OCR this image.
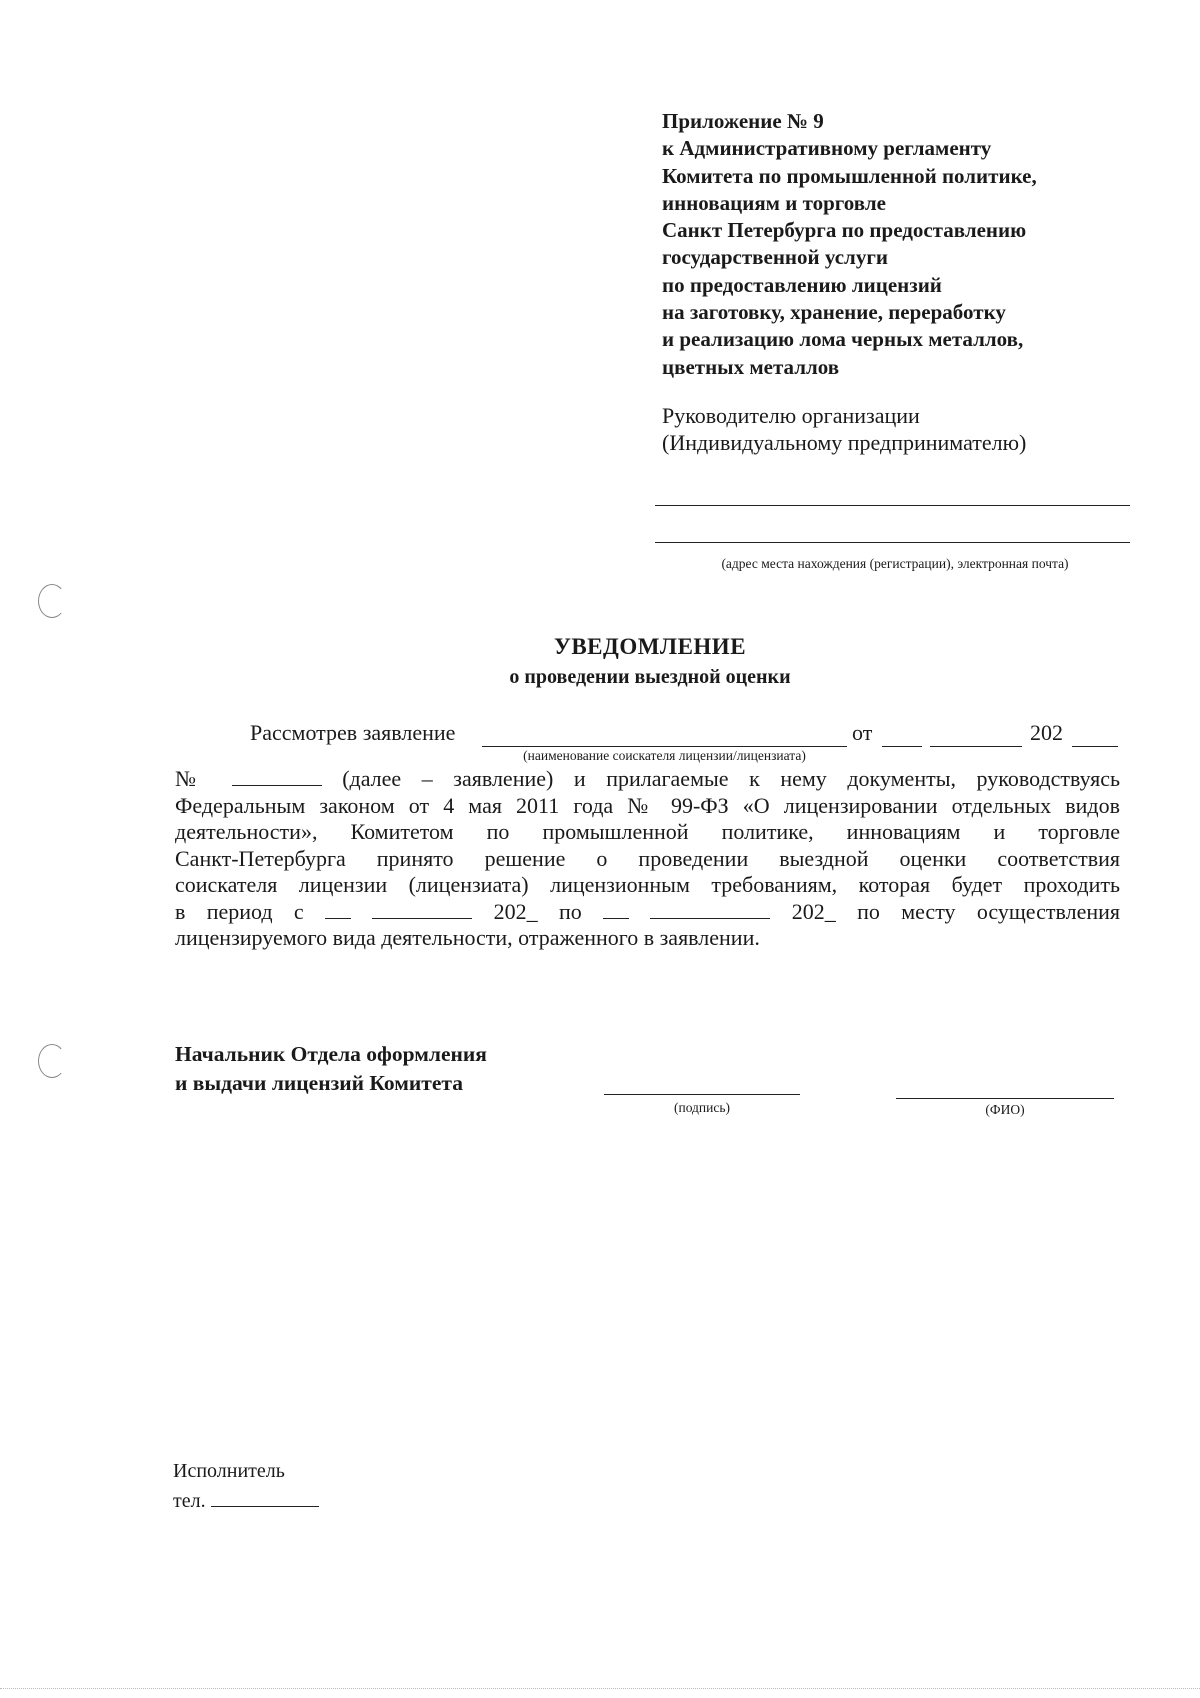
Приложение № 9
к Административному регламенту
Комитета по промышленной политике,
инновациям и торговле
Санкт Петербурга по предоставлению
государственной услуги
по предоставлению лицензий
на заготовку, хранение, переработку
и реализацию лома черных металлов,
цветных металлов
Руководителю организации
(Индивидуальному предпринимателю)
(адрес места нахождения (регистрации), электронная почта)
УВЕДОМЛЕНИЕ
о проведении выездной оценки
Рассмотрев заявление	от	202
(наименование соискателя лицензии/лицензиата)
№	(далее – заявление) и прилагаемые к нему документы, руководствуясь
Федеральным законом от 4 мая 2011 года № 99-ФЗ «О лицензировании отдельных видов
деятельности», Комитетом по промышленной политике, инновациям и торговле
Санкт-Петербурга принято решение о проведении выездной оценки соответствия
соискателя лицензии (лицензиата) лицензионным требованиям, которая будет проходить
в период с	202_ по	202_ по месту осуществления
лицензируемого вида деятельности, отраженного в заявлении.
Начальник Отдела оформления
и выдачи лицензий Комитета
(подпись)	(ФИО)
Исполнитель
тел.
